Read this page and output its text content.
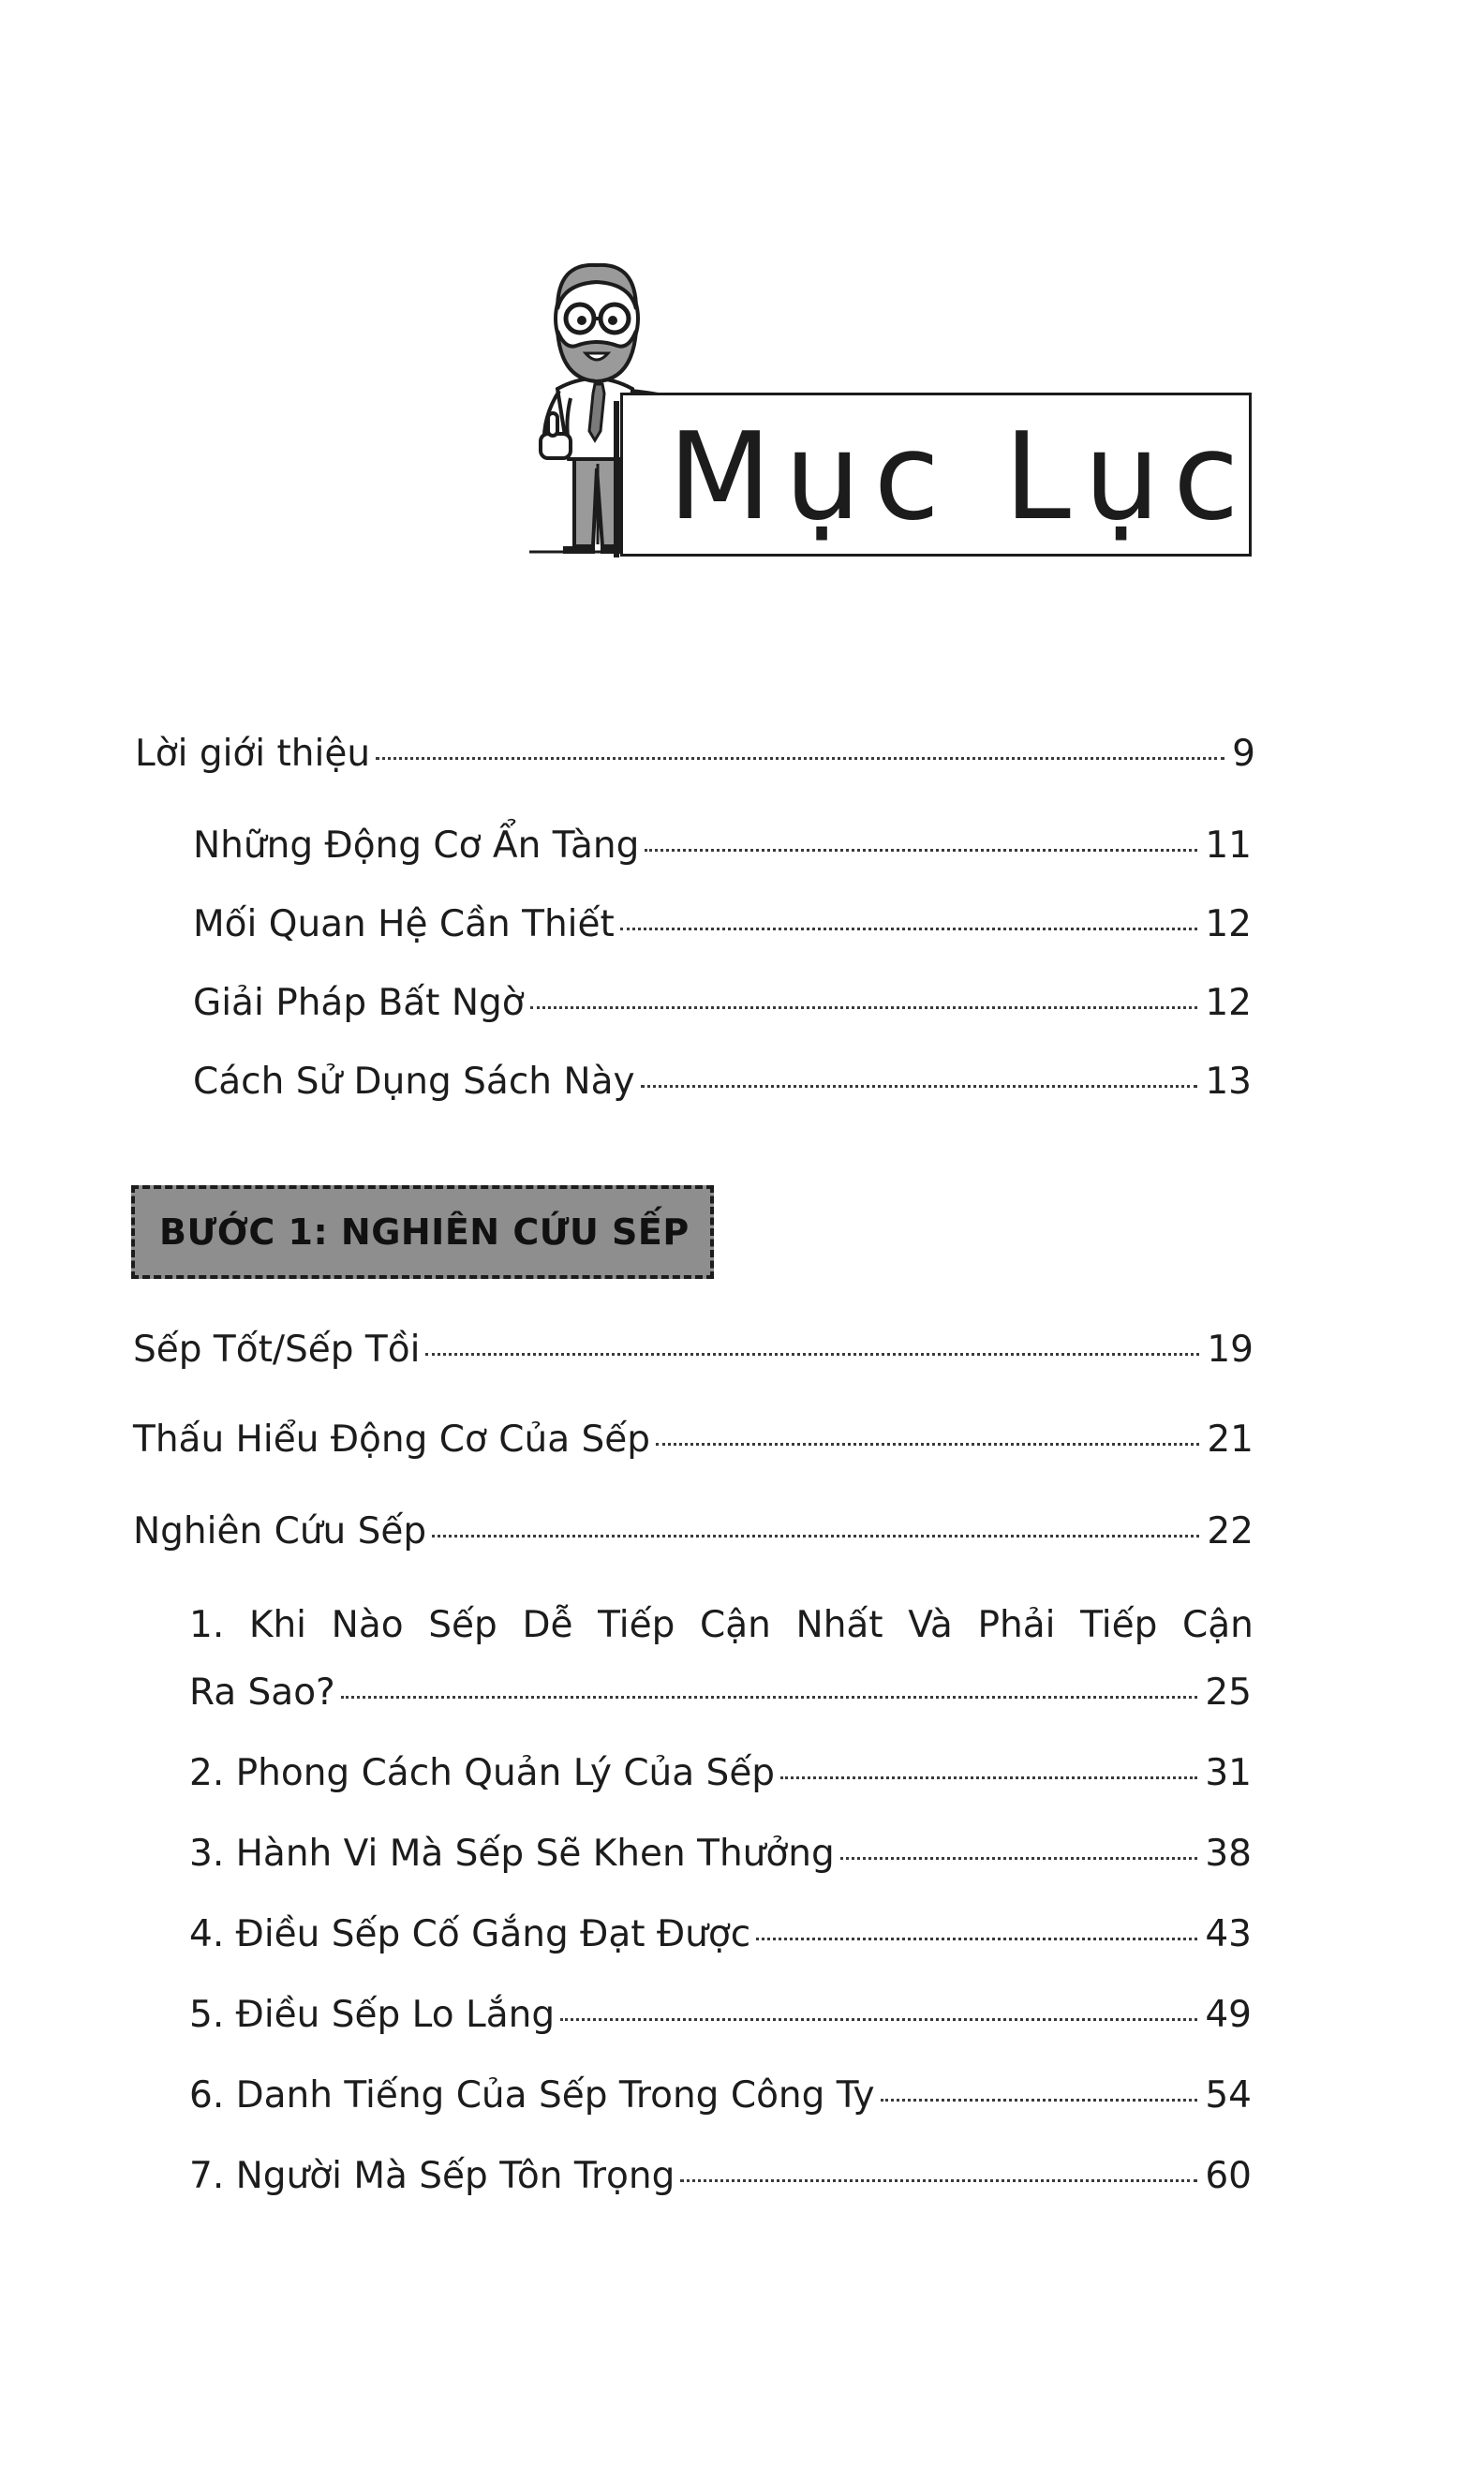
Mục Lục
Lời giới thiệu	9
Những Động Cơ Ẩn Tàng	11
Mối Quan Hệ Cần Thiết	12
Giải Pháp Bất Ngờ	12
Cách Sử Dụng Sách Này	13
BƯỚC 1: NGHIÊN CỨU SẾP
Sếp Tốt/Sếp Tồi	19
Thấu Hiểu Động Cơ Của Sếp	21
Nghiên Cứu Sếp	22
1. Khi Nào Sếp Dễ Tiếp Cận Nhất Và Phải Tiếp Cận
Ra Sao?	25
2. Phong Cách Quản Lý Của Sếp	31
3. Hành Vi Mà Sếp Sẽ Khen Thưởng	38
4. Điều Sếp Cố Gắng Đạt Được	43
5. Điều Sếp Lo Lắng	49
6. Danh Tiếng Của Sếp Trong Công Ty	54
7. Người Mà Sếp Tôn Trọng	60
